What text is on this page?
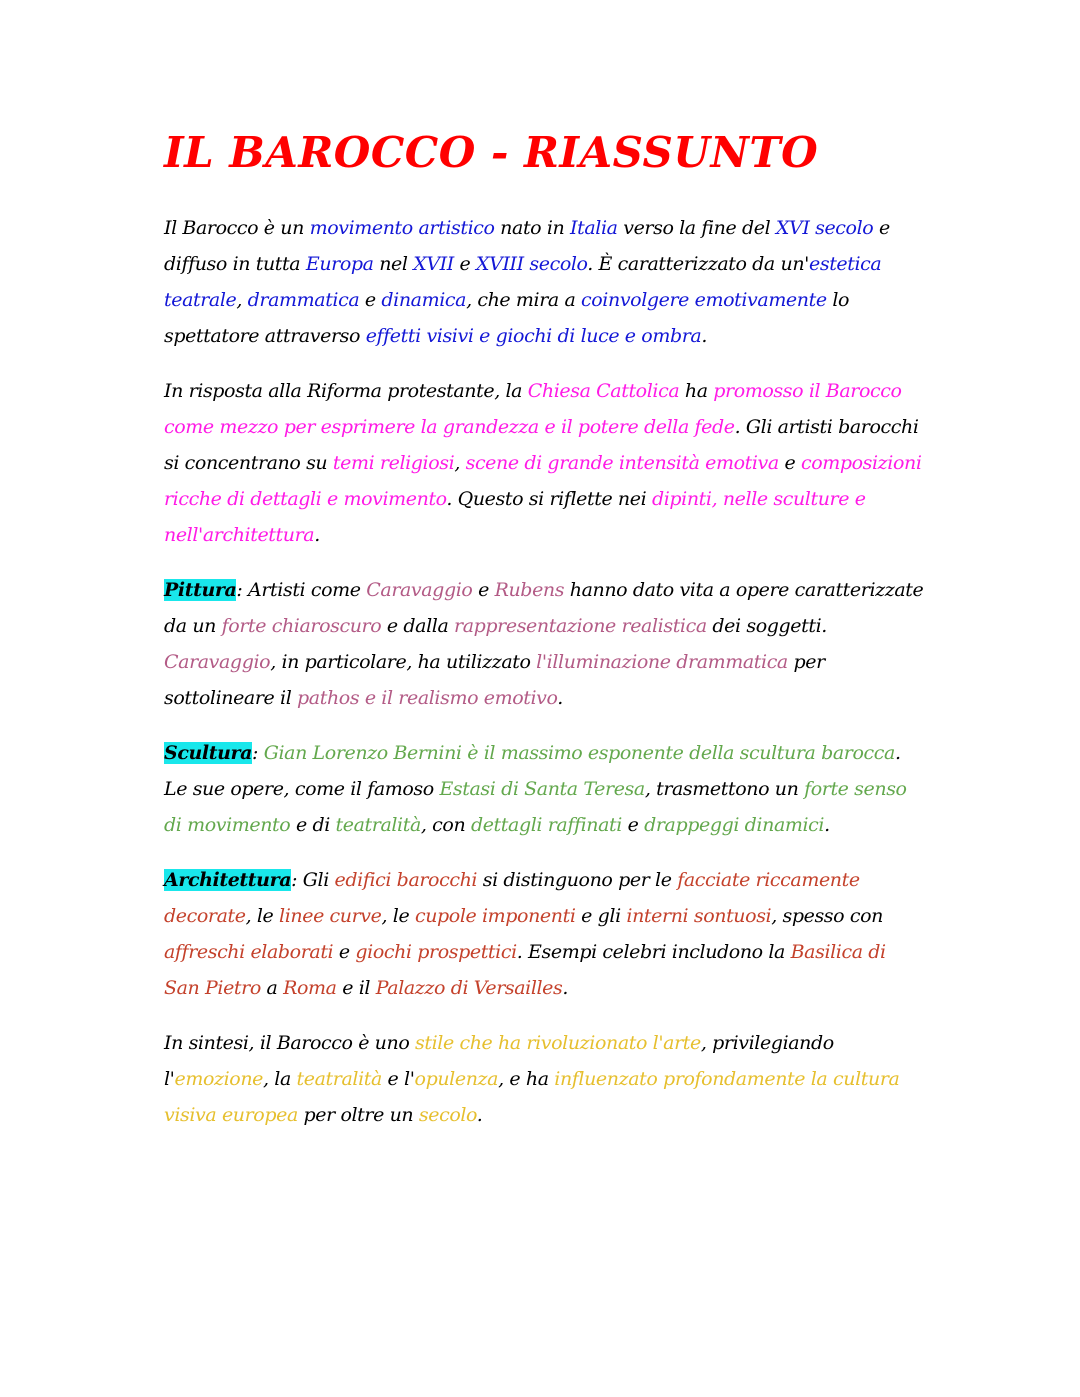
IL BAROCCO - RIASSUNTO

Il Barocco è un movimento artistico nato in Italia verso la fine del XVI secolo e diffuso in tutta Europa nel XVII e XVIII secolo. È caratterizzato da un'estetica teatrale, drammatica e dinamica, che mira a coinvolgere emotivamente lo spettatore attraverso effetti visivi e giochi di luce e ombra.

In risposta alla Riforma protestante, la Chiesa Cattolica ha promosso il Barocco come mezzo per esprimere la grandezza e il potere della fede. Gli artisti barocchi si concentrano su temi religiosi, scene di grande intensità emotiva e composizioni ricche di dettagli e movimento. Questo si riflette nei dipinti, nelle sculture e nell'architettura.

Pittura: Artisti come Caravaggio e Rubens hanno dato vita a opere caratterizzate da un forte chiaroscuro e dalla rappresentazione realistica dei soggetti. Caravaggio, in particolare, ha utilizzato l'illuminazione drammatica per sottolineare il pathos e il realismo emotivo.

Scultura: Gian Lorenzo Bernini è il massimo esponente della scultura barocca. Le sue opere, come il famoso Estasi di Santa Teresa, trasmettono un forte senso di movimento e di teatralità, con dettagli raffinati e drappeggi dinamici.

Architettura: Gli edifici barocchi si distinguono per le facciate riccamente decorate, le linee curve, le cupole imponenti e gli interni sontuosi, spesso con affreschi elaborati e giochi prospettici. Esempi celebri includono la Basilica di San Pietro a Roma e il Palazzo di Versailles.

In sintesi, il Barocco è uno stile che ha rivoluzionato l'arte, privilegiando l'emozione, la teatralità e l'opulenza, e ha influenzato profondamente la cultura visiva europea per oltre un secolo.
